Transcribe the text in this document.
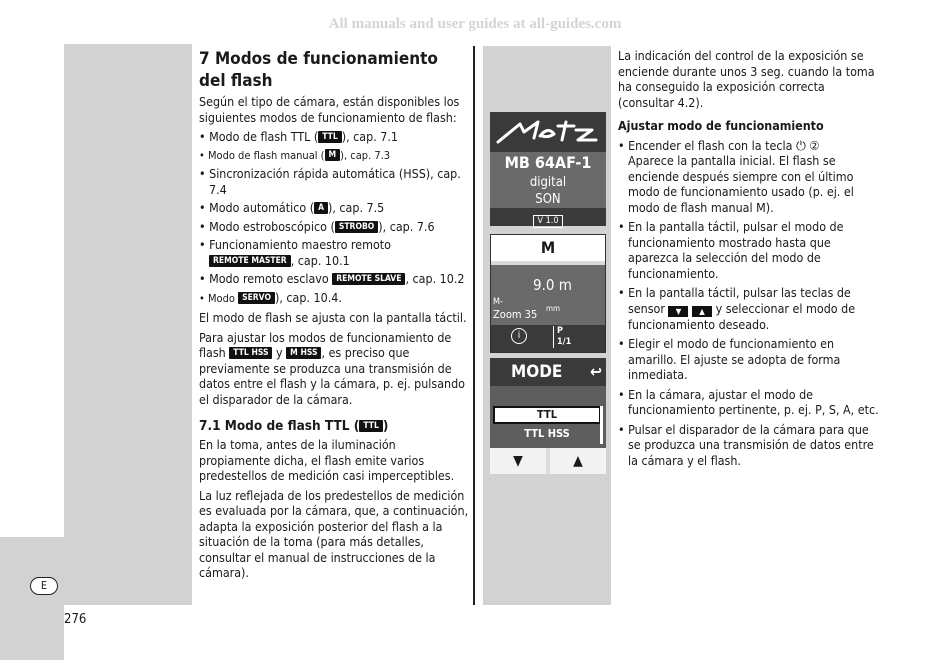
All manuals and user guides at all-guides.com
E
276
7 Modos de funcionamiento del flash

Según el tipo de cámara, están disponibles los siguientes modos de funcionamiento de flash:

• Modo de flash TTL ( TTL ), cap. 7.1
• Modo de flash manual ( M ), cap. 7.3
• Sincronización rápida automática (HSS), cap. 7.4
• Modo automático ( A ), cap. 7.5
• Modo estroboscópico ( STROBO ), cap. 7.6
• Funcionamiento maestro remoto REMOTE MASTER , cap. 10.1
• Modo remoto esclavo REMOTE SLAVE , cap. 10.2
• Modo SERVO ), cap. 10.4.

El modo de flash se ajusta con la pantalla táctil.

Para ajustar los modos de funcionamiento de flash TTL HSS y M HSS , es preciso que previamente se produzca una transmisión de datos entre el flash y la cámara, p. ej. pulsando el disparador de la cámara.

7.1 Modo de flash TTL ( TTL )

En la toma, antes de la iluminación propiamente dicha, el flash emite varios predestellos de medición casi imperceptibles.

La luz reflejada de los predestellos de medición es evaluada por la cámara, que, a continuación, adapta la exposición posterior del flash a la situación de la toma (para más detalles, consultar el manual de instrucciones de la cámara).

MB 64AF-1
digital
SON
V 1.0
M
9.0 m
M-
Zoom 35 mm
i	P
1/1
MODE ↩
TTL
TTL HSS
▼	▲

La indicación del control de la exposición se enciende durante unos 3 seg. cuando la toma ha conseguido la exposición correcta (consultar 4.2).

Ajustar modo de funcionamiento

• Encender el flash con la tecla ⏻ ②
Aparece la pantalla inicial. El flash se enciende después siempre con el último modo de funcionamiento usado (p. ej. el modo de flash manual M).
• En la pantalla táctil, pulsar el modo de funcionamiento mostrado hasta que aparezca la selección del modo de funcionamiento.
• En la pantalla táctil, pulsar las teclas de sensor ▼ ▲ y seleccionar el modo de funcionamiento deseado.
• Elegir el modo de funcionamiento en amarillo. El ajuste se adopta de forma inmediata.
• En la cámara, ajustar el modo de funcionamiento pertinente, p. ej. P, S, A, etc.
• Pulsar el disparador de la cámara para que se produzca una transmisión de datos entre la cámara y el flash.
